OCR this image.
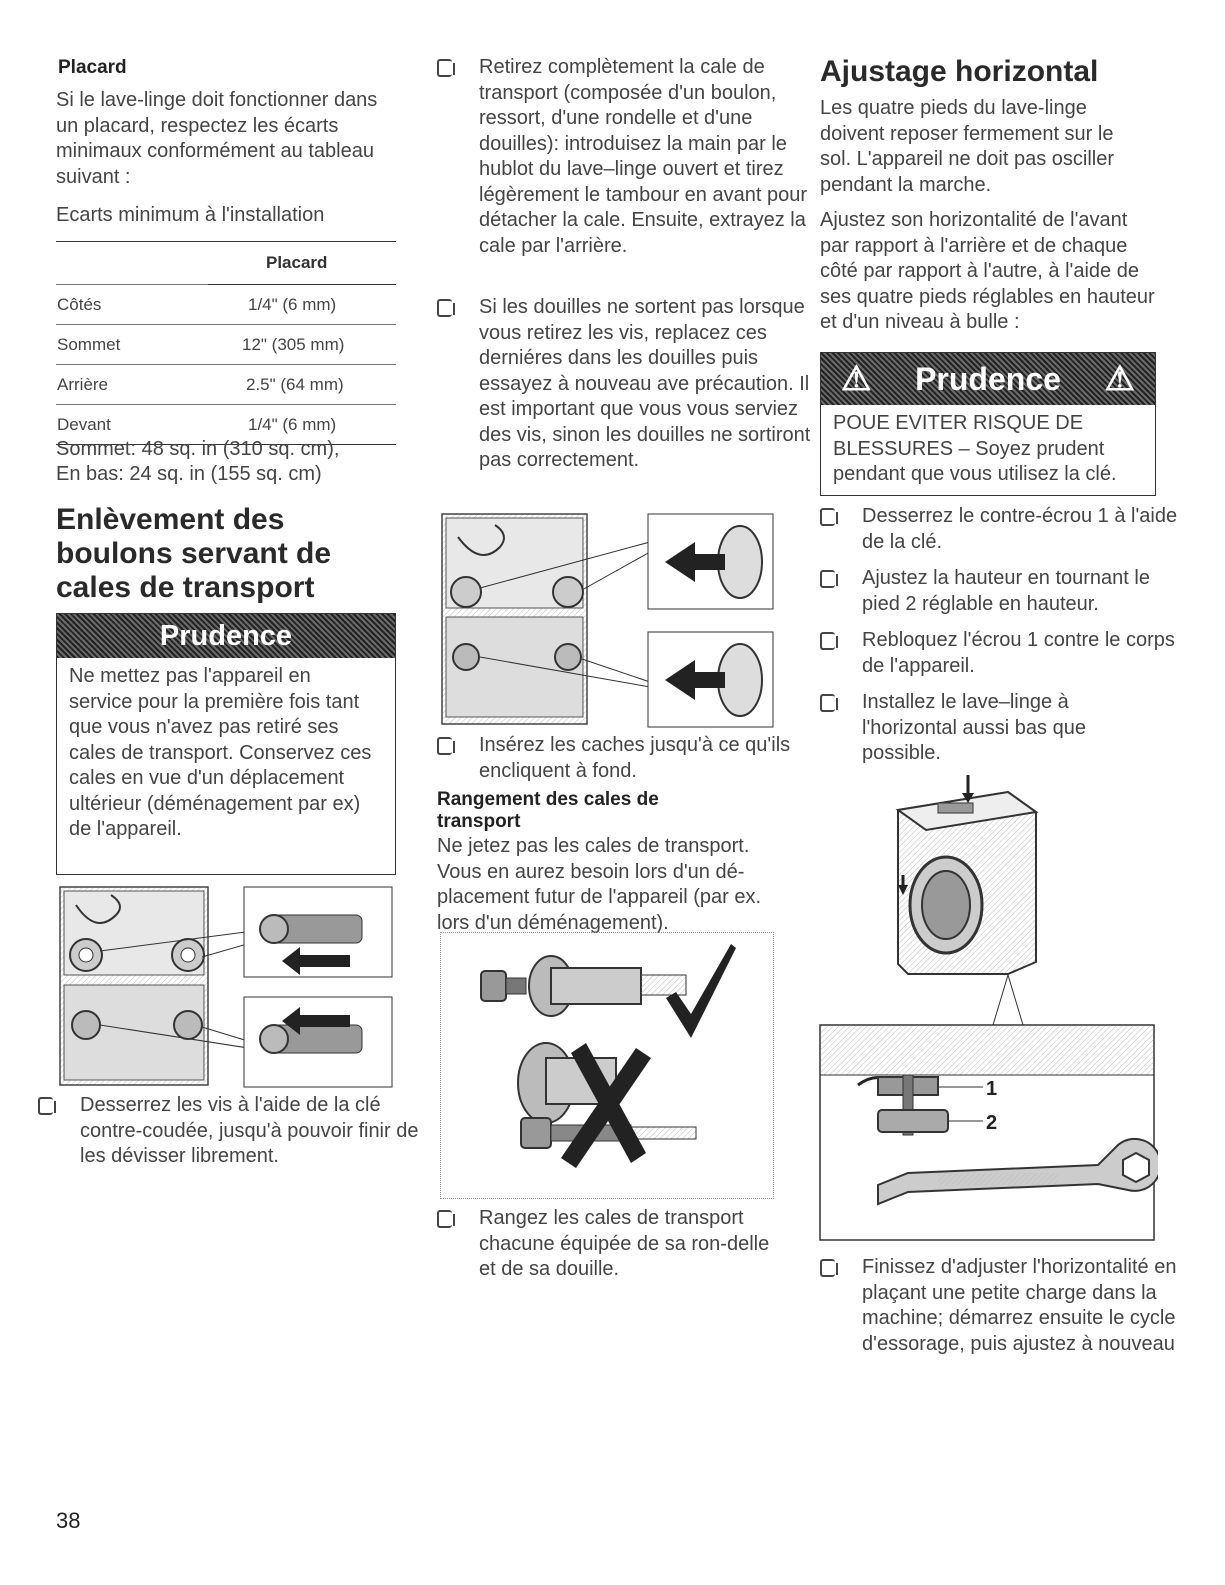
Placard
Si le lave-linge doit fonctionner dans un placard, respectez les écarts minimaux conformément au tableau suivant :
Ecarts minimum à l'installation
	Placard
Côtés	1/4" (6 mm)
Sommet	12" (305 mm)
Arrière	2.5" (64 mm)
Devant	1/4" (6 mm)
Sommet: 48 sq. in (310 sq. cm),
En bas: 24 sq. in (155 sq. cm)
Enlèvement des
boulons servant de
cales de transport
Prudence
Ne mettez pas l'appareil en service pour la première fois tant que vous n'avez pas retiré ses cales de transport. Conservez ces cales en vue d'un déplacement ultérieur (déménagement par ex) de l'appareil.
Desserrez les vis à l'aide de la clé contre-coudée, jusqu'à pouvoir finir de les dévisser librement.
Retirez complètement la cale de transport (composée d'un boulon, ressort, d'une rondelle et d'une douilles): introduisez la main par le hublot du lave–linge ouvert et tirez légèrement le tambour en avant pour détacher la cale. Ensuite, extrayez la cale par l'arrière.
Si les douilles ne sortent pas lorsque vous retirez les vis, replacez ces derniéres dans les douilles puis essayez à nouveau ave précaution. Il est important que vous vous serviez des vis, sinon les douilles ne sortiront pas correctement.
Insérez les caches jusqu'à ce qu'ils encliquent à fond.
Rangement des cales de transport
Ne jetez pas les cales de transport. Vous en aurez besoin lors d'un dé-placement futur de l'appareil (par ex. lors d'un déménagement).
Rangez les cales de transport chacune équipée de sa ron-delle et de sa douille.
Ajustage horizontal
Les quatre pieds du lave-linge doivent reposer fermement sur le sol. L'appareil ne doit pas osciller pendant la marche.
Ajustez son horizontalité de l'avant par rapport à l'arrière et de chaque côté par rapport à l'autre, à l'aide de ses quatre pieds réglables en hauteur et d'un niveau à bulle :
⚠ Prudence ⚠
POUE EVITER RISQUE DE BLESSURES – Soyez prudent pendant que vous utilisez la clé.
Desserrez le contre-écrou 1 à l'aide de la clé.
Ajustez la hauteur en tournant le pied 2 réglable en hauteur.
Rebloquez l'écrou 1 contre le corps de l'appareil.
Installez le lave–linge à l'horizontal aussi bas que possible.
1
2
Finissez d'adjuster l'horizontalité en plaçant une petite charge dans la machine; démarrez ensuite le cycle d'essorage, puis ajustez à nouveau
38
